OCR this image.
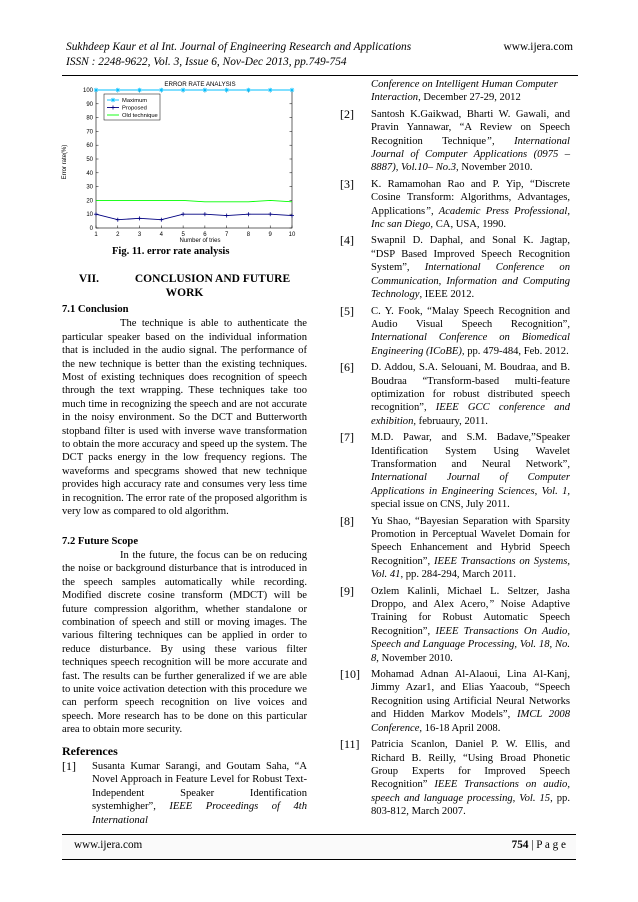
Sukhdeep Kaur et al Int. Journal of Engineering Research and Applications	www.ijera.com
ISSN : 2248-9622, Vol. 3, Issue 6, Nov-Dec 2013, pp.749-754
1	2	3	4	5	6	7	8	9	10
0
10
20
30
40
50
60
70
80
90
100
ERROR RATE ANALYSIS
Number of tries
Error rate(%)
Maximum
Proposed
Old technique
Fig. 11. error rate analysis
VII.	CONCLUSION AND FUTURE
WORK
7.1 Conclusion

The technique is able to authenticate the particular speaker based on the individual information that is included in the audio signal. The performance of the new technique is better than the existing techniques. Most of existing techniques does recognition of speech through the text wrapping. These techniques take too much time in recognizing the speech and are not accurate in the noisy environment. So the DCT and Butterworth stopband filter is used with inverse wave transformation to obtain the more accuracy and speed up the system. The DCT packs energy in the low frequency regions. The waveforms and specgrams showed that new technique provides high accuracy rate and consumes very less time in recognition. The error rate of the proposed algorithm is very low as compared to old algorithm.

7.2 Future Scope

In the future, the focus can be on reducing the noise or background disturbance that is introduced in the speech samples automatically while recording. Modified discrete cosine transform (MDCT) will be future compression algorithm, whether standalone or combination of speech and still or moving images. The various filtering techniques can be applied in order to reduce disturbance. By using these various filter techniques speech recognition will be more accurate and fast. The results can be further generalized if we are able to unite voice activation detection with this procedure we can perform speech recognition on live voices and speech. More research has to be done on this particular area to obtain more security.

References
[1] Susanta Kumar Sarangi, and Goutam Saha, “A Novel Approach in Feature Level for Robust Text-Independent Speaker Identification systemhigher”, IEEE Proceedings of 4th International
Conference on Intelligent Human Computer Interaction, December 27-29, 2012
[2] Santosh K.Gaikwad, Bharti W. Gawali, and Pravin Yannawar, “A Review on Speech Recognition Technique”, International Journal of Computer Applications (0975 – 8887), Vol.10– No.3, November 2010.
[3] K. Ramamohan Rao and P. Yip, “Discrete Cosine Transform: Algorithms, Advantages, Applications”, Academic Press Professional, Inc san Diego, CA, USA, 1990.
[4] Swapnil D. Daphal, and Sonal K. Jagtap, “DSP Based Improved Speech Recognition System”, International Conference on Communication, Information and Computing Technology, IEEE 2012.
[5] C. Y. Fook, “Malay Speech Recognition and Audio Visual Speech Recognition”, International Conference on Biomedical Engineering (ICoBE), pp. 479-484, Feb. 2012.
[6] D. Addou, S.A. Selouani, M. Boudraa, and B. Boudraa “Transform-based multi-feature optimization for robust distributed speech recognition”, IEEE GCC conference and exhibition, februaury, 2011.
[7] M.D. Pawar, and S.M. Badave,”Speaker Identification System Using Wavelet Transformation and Neural Network”, International Journal of Computer Applications in Engineering Sciences, Vol. 1, special issue on CNS, July 2011.
[8] Yu Shao, “Bayesian Separation with Sparsity Promotion in Perceptual Wavelet Domain for Speech Enhancement and Hybrid Speech Recognition”, IEEE Transactions on Systems, Vol. 41, pp. 284-294, March 2011.
[9] Ozlem Kalinli, Michael L. Seltzer, Jasha Droppo, and Alex Acero,” Noise Adaptive Training for Robust Automatic Speech Recognition”, IEEE Transactions On Audio, Speech and Language Processing, Vol. 18, No. 8, November 2010.
[10] Mohamad Adnan Al-Alaoui, Lina Al-Kanj, Jimmy Azar1, and Elias Yaacoub, “Speech Recognition using Artificial Neural Networks and Hidden Markov Models”, IMCL 2008 Conference, 16-18 April 2008.
[11] Patricia Scanlon, Daniel P. W. Ellis, and Richard B. Reilly, “Using Broad Phonetic Group Experts for Improved Speech Recognition” IEEE Transactions on audio, speech and language processing, Vol. 15, pp. 803-812, March 2007.
www.ijera.com	754 | P a g e
